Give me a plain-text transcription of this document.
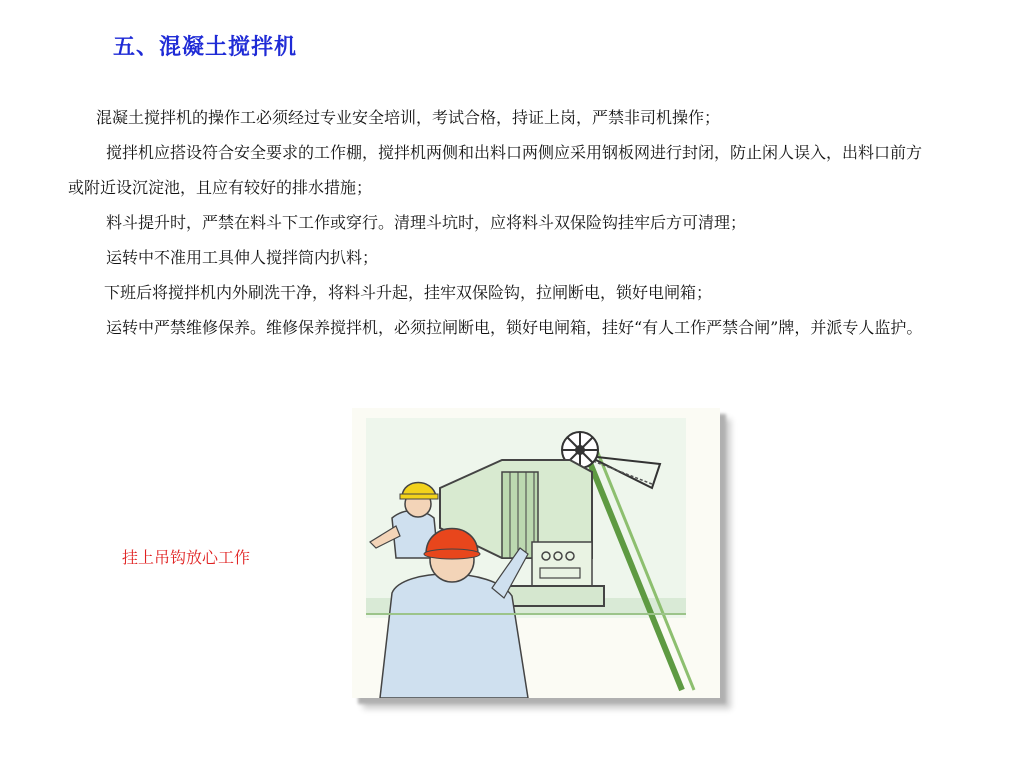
五、混凝土搅拌机

混凝土搅拌机的操作工必须经过专业安全培训，考试合格，持证上岗，严禁非司机操作；

搅拌机应搭设符合安全要求的工作棚，搅拌机两侧和出料口两侧应采用钢板网进行封闭，防止闲人误入，出料口前方或附近设沉淀池，且应有较好的排水措施；

料斗提升时，严禁在料斗下工作或穿行。清理斗坑时，应将料斗双保险钩挂牢后方可清理；

运转中不准用工具伸人搅拌筒内扒料；

下班后将搅拌机内外刷洗干净，将料斗升起，挂牢双保险钩，拉闸断电，锁好电闸箱；

运转中严禁维修保养。维修保养搅拌机，必须拉闸断电，锁好电闸箱，挂好“有人工作严禁合闸”牌，并派专人监护。

挂上吊钩放心工作
